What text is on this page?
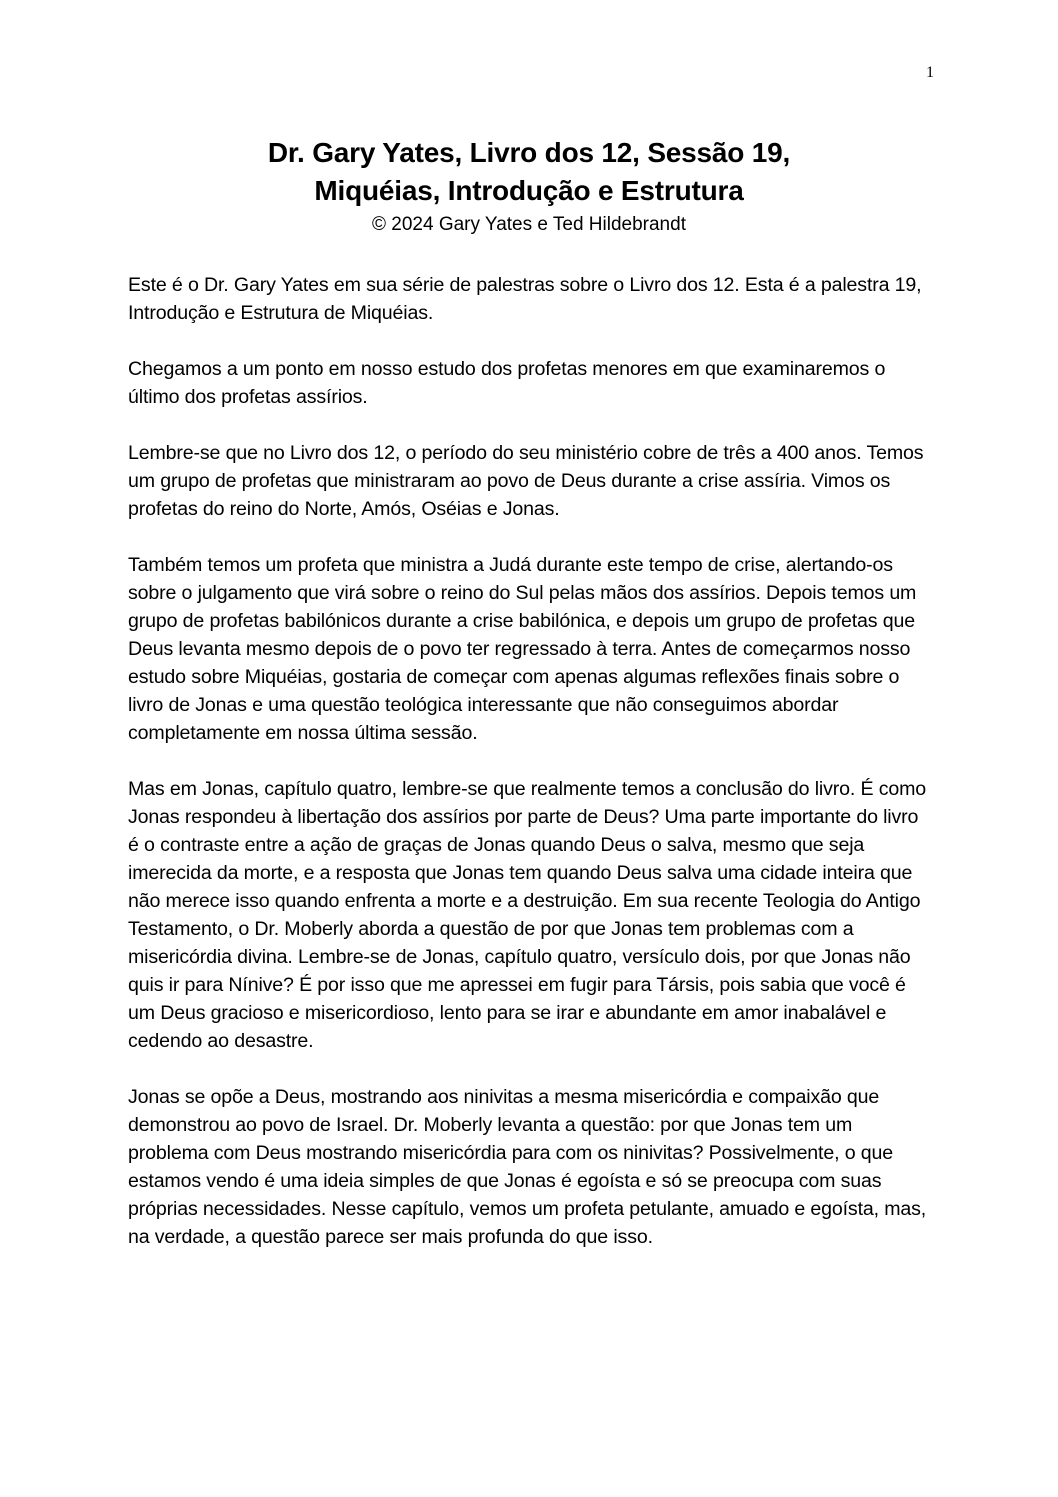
1
Dr. Gary Yates, Livro dos 12, Sessão 19,
Miquéias, Introdução e Estrutura
© 2024 Gary Yates e Ted Hildebrandt

Este é o Dr. Gary Yates em sua série de palestras sobre o Livro dos 12. Esta é a palestra 19, Introdução e Estrutura de Miquéias.

Chegamos a um ponto em nosso estudo dos profetas menores em que examinaremos o último dos profetas assírios.

Lembre-se que no Livro dos 12, o período do seu ministério cobre de três a 400 anos. Temos um grupo de profetas que ministraram ao povo de Deus durante a crise assíria. Vimos os profetas do reino do Norte, Amós, Oséias e Jonas.

Também temos um profeta que ministra a Judá durante este tempo de crise, alertando-os sobre o julgamento que virá sobre o reino do Sul pelas mãos dos assírios. Depois temos um grupo de profetas babilónicos durante a crise babilónica, e depois um grupo de profetas que Deus levanta mesmo depois de o povo ter regressado à terra. Antes de começarmos nosso estudo sobre Miquéias, gostaria de começar com apenas algumas reflexões finais sobre o livro de Jonas e uma questão teológica interessante que não conseguimos abordar completamente em nossa última sessão.

Mas em Jonas, capítulo quatro, lembre-se que realmente temos a conclusão do livro. É como Jonas respondeu à libertação dos assírios por parte de Deus? Uma parte importante do livro é o contraste entre a ação de graças de Jonas quando Deus o salva, mesmo que seja imerecida da morte, e a resposta que Jonas tem quando Deus salva uma cidade inteira que não merece isso quando enfrenta a morte e a destruição. Em sua recente Teologia do Antigo Testamento, o Dr. Moberly aborda a questão de por que Jonas tem problemas com a misericórdia divina. Lembre-se de Jonas, capítulo quatro, versículo dois, por que Jonas não quis ir para Nínive? É por isso que me apressei em fugir para Társis, pois sabia que você é um Deus gracioso e misericordioso, lento para se irar e abundante em amor inabalável e cedendo ao desastre.

Jonas se opõe a Deus, mostrando aos ninivitas a mesma misericórdia e compaixão que demonstrou ao povo de Israel. Dr. Moberly levanta a questão: por que Jonas tem um problema com Deus mostrando misericórdia para com os ninivitas? Possivelmente, o que estamos vendo é uma ideia simples de que Jonas é egoísta e só se preocupa com suas próprias necessidades. Nesse capítulo, vemos um profeta petulante, amuado e egoísta, mas, na verdade, a questão parece ser mais profunda do que isso.
